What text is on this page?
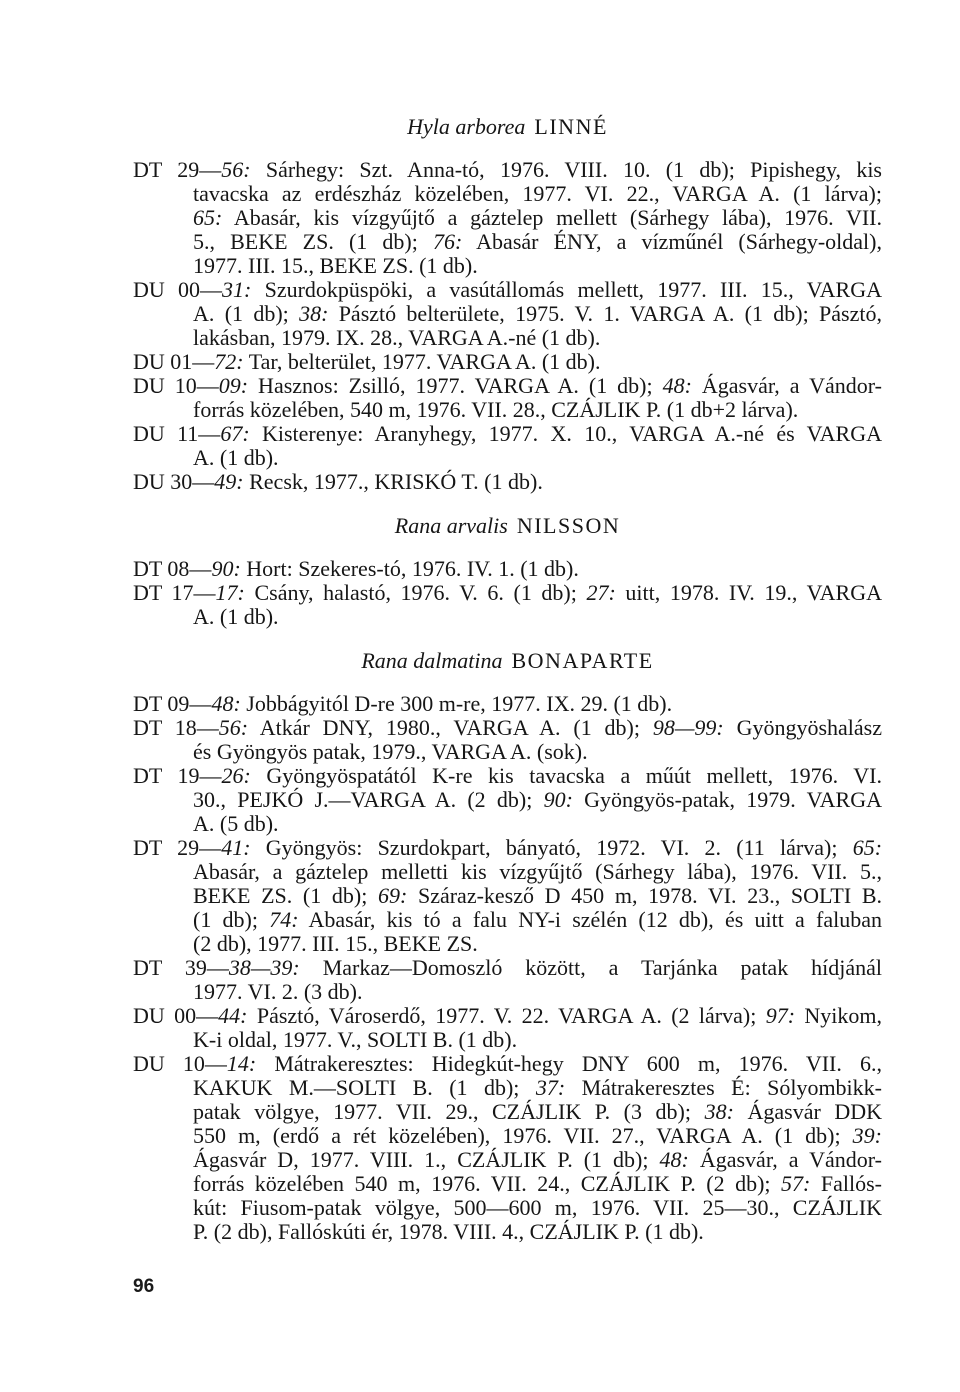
Hyla arborea LINNÉ
DT 29—56: Sárhegy: Szt. Anna-tó, 1976. VIII. 10. (1 db); Pipishegy, kis
tavacska az erdészház közelében, 1977. VI. 22., VARGA A. (1 lárva);
65: Abasár, kis vízgyűjtő a gáztelep mellett (Sárhegy lába), 1976. VII.
5., BEKE ZS. (1 db); 76: Abasár ÉNY, a vízműnél (Sárhegy-oldal),
1977. III. 15., BEKE ZS. (1 db).
DU 00—31: Szurdokpüspöki, a vasútállomás mellett, 1977. III. 15., VARGA
A. (1 db); 38: Pásztó belterülete, 1975. V. 1. VARGA A. (1 db); Pásztó,
lakásban, 1979. IX. 28., VARGA A.-né (1 db).
DU 01—72: Tar, belterület, 1977. VARGA A. (1 db).
DU 10—09: Hasznos: Zsilló, 1977. VARGA A. (1 db); 48: Ágasvár, a Vándor-
forrás közelében, 540 m, 1976. VII. 28., CZÁJLIK P. (1 db+2 lárva).
DU 11—67: Kisterenye: Aranyhegy, 1977. X. 10., VARGA A.-né és VARGA
A. (1 db).
DU 30—49: Recsk, 1977., KRISKÓ T. (1 db).
Rana arvalis NILSSON
DT 08—90: Hort: Szekeres-tó, 1976. IV. 1. (1 db).
DT 17—17: Csány, halastó, 1976. V. 6. (1 db); 27: uitt, 1978. IV. 19., VARGA
A. (1 db).
Rana dalmatina BONAPARTE
DT 09—48: Jobbágyitól D-re 300 m-re, 1977. IX. 29. (1 db).
DT 18—56: Atkár DNY, 1980., VARGA A. (1 db); 98—99: Gyöngyöshalász
és Gyöngyös patak, 1979., VARGA A. (sok).
DT 19—26: Gyöngyöspatától K-re kis tavacska a műút mellett, 1976. VI.
30., PEJKÓ J.—VARGA A. (2 db); 90: Gyöngyös-patak, 1979. VARGA
A. (5 db).
DT 29—41: Gyöngyös: Szurdokpart, bányató, 1972. VI. 2. (11 lárva); 65:
Abasár, a gáztelep melletti kis vízgyűjtő (Sárhegy lába), 1976. VII. 5.,
BEKE ZS. (1 db); 69: Száraz-kesző D 450 m, 1978. VI. 23., SOLTI B.
(1 db); 74: Abasár, kis tó a falu NY-i szélén (12 db), és uitt a faluban
(2 db), 1977. III. 15., BEKE ZS.
DT 39—38—39: Markaz—Domoszló között, a Tarjánka patak hídjánál
1977. VI. 2. (3 db).
DU 00—44: Pásztó, Városerdő, 1977. V. 22. VARGA A. (2 lárva); 97: Nyikom,
K-i oldal, 1977. V., SOLTI B. (1 db).
DU 10—14: Mátrakeresztes: Hidegkút-hegy DNY 600 m, 1976. VII. 6.,
KAKUK M.—SOLTI B. (1 db); 37: Mátrakeresztes É: Sólyombikk-
patak völgye, 1977. VII. 29., CZÁJLIK P. (3 db); 38: Ágasvár DDK
550 m, (erdő a rét közelében), 1976. VII. 27., VARGA A. (1 db); 39:
Ágasvár D, 1977. VIII. 1., CZÁJLIK P. (1 db); 48: Ágasvár, a Vándor-
forrás közelében 540 m, 1976. VII. 24., CZÁJLIK P. (2 db); 57: Fallós-
kút: Fiusom-patak völgye, 500—600 m, 1976. VII. 25—30., CZÁJLIK
P. (2 db), Fallóskúti ér, 1978. VIII. 4., CZÁJLIK P. (1 db).
96
